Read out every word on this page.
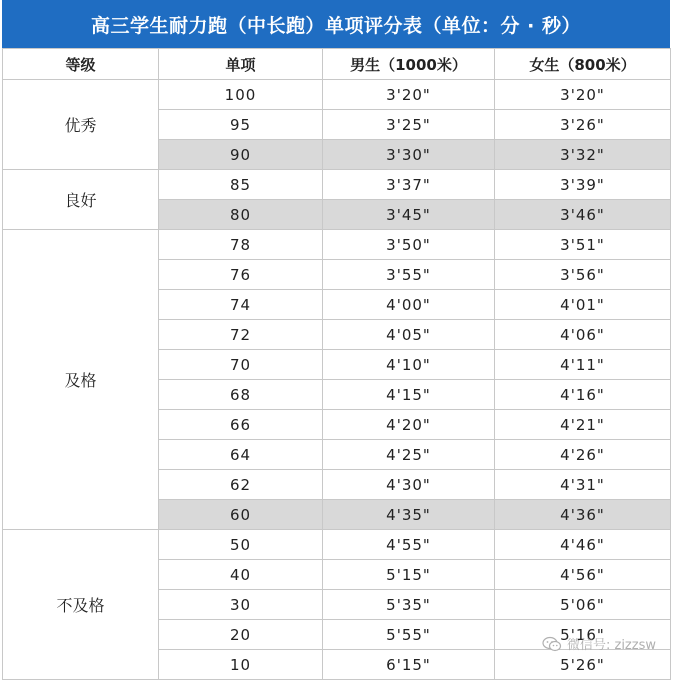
高三学生耐力跑（中长跑）单项评分表（单位：分 · 秒）
等级	单项	男生（1000米）	女生（800米）
优秀	100	3'20"	3'20"
	95	3'25"	3'26"
	90	3'30"	3'32"
良好	85	3'37"	3'39"
	80	3'45"	3'46"
及格	78	3'50"	3'51"
	76	3'55"	3'56"
	74	4'00"	4'01"
	72	4'05"	4'06"
	70	4'10"	4'11"
	68	4'15"	4'16"
	66	4'20"	4'21"
	64	4'25"	4'26"
	62	4'30"	4'31"
	60	4'35"	4'36"
不及格	50	4'55"	4'46"
	40	5'15"	4'56"
	30	5'35"	5'06"
	20	5'55"	5'16"
	10	6'15"	5'26"
微信号: zizzsw
